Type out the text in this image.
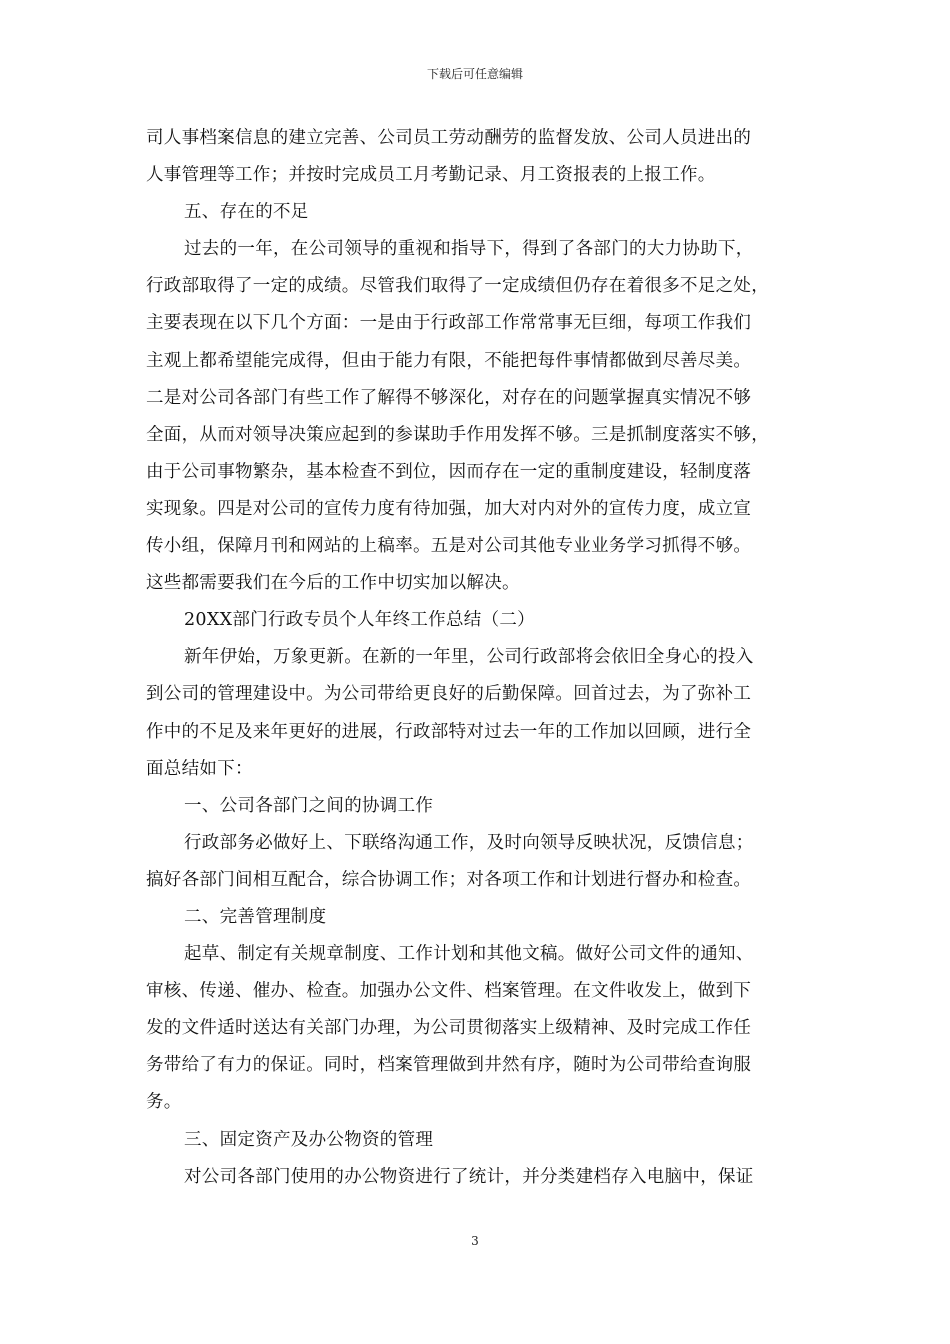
下载后可任意编辑
司人事档案信息的建立完善、公司员工劳动酬劳的监督发放、公司人员进出的
人事管理等工作；并按时完成员工月考勤记录、月工资报表的上报工作。
五、存在的不足
过去的一年，在公司领导的重视和指导下，得到了各部门的大力协助下，
行政部取得了一定的成绩。尽管我们取得了一定成绩但仍存在着很多不足之处，
主要表现在以下几个方面：一是由于行政部工作常常事无巨细，每项工作我们
主观上都希望能完成得，但由于能力有限，不能把每件事情都做到尽善尽美。
二是对公司各部门有些工作了解得不够深化，对存在的问题掌握真实情况不够
全面，从而对领导决策应起到的参谋助手作用发挥不够。三是抓制度落实不够，
由于公司事物繁杂，基本检查不到位，因而存在一定的重制度建设，轻制度落
实现象。四是对公司的宣传力度有待加强，加大对内对外的宣传力度，成立宣
传小组，保障月刊和网站的上稿率。五是对公司其他专业业务学习抓得不够。
这些都需要我们在今后的工作中切实加以解决。
20XX部门行政专员个人年终工作总结（二）
新年伊始，万象更新。在新的一年里，公司行政部将会依旧全身心的投入
到公司的管理建设中。为公司带给更良好的后勤保障。回首过去，为了弥补工
作中的不足及来年更好的进展，行政部特对过去一年的工作加以回顾，进行全
面总结如下：
一、公司各部门之间的协调工作
行政部务必做好上、下联络沟通工作，及时向领导反映状况，反馈信息；
搞好各部门间相互配合，综合协调工作；对各项工作和计划进行督办和检查。
二、完善管理制度
起草、制定有关规章制度、工作计划和其他文稿。做好公司文件的通知、
审核、传递、催办、检查。加强办公文件、档案管理。在文件收发上，做到下
发的文件适时送达有关部门办理，为公司贯彻落实上级精神、及时完成工作任
务带给了有力的保证。同时，档案管理做到井然有序，随时为公司带给查询服
务。
三、固定资产及办公物资的管理
对公司各部门使用的办公物资进行了统计，并分类建档存入电脑中，保证
3
